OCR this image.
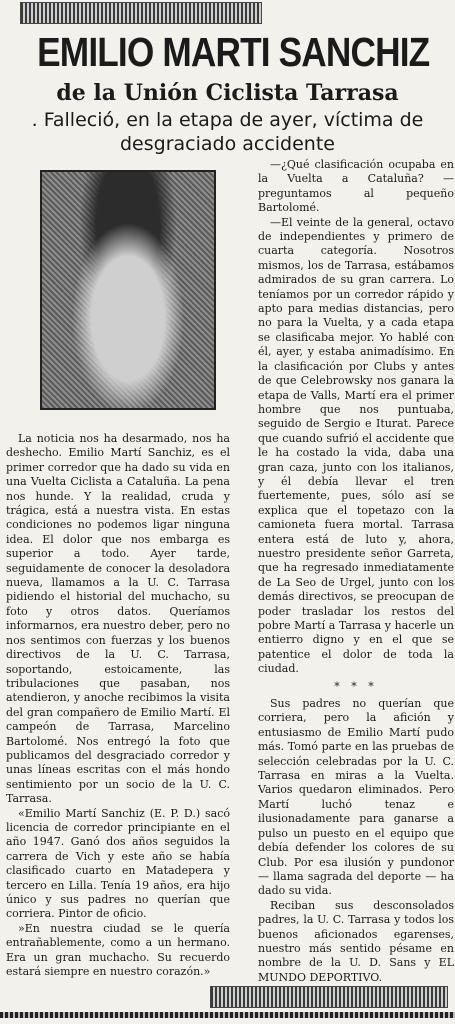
EMILIO MARTI SANCHIZ
de la Unión Ciclista Tarrasa

. Falleció, en la etapa de ayer, víctima de desgraciado accidente

La noticia nos ha desarmado, nos ha deshecho. Emilio Martí Sanchiz, es el primer corredor que ha dado su vida en una Vuelta Ciclista a Cataluña. La pena nos hunde. Y la realidad, cruda y trágica, está a nuestra vista. En estas condiciones no podemos ligar ninguna idea. El dolor que nos embarga es superior a todo. Ayer tarde, seguidamente de conocer la desoladora nueva, llamamos a la U. C. Tarrasa pidiendo el historial del muchacho, su foto y otros datos. Queríamos informarnos, era nuestro deber, pero no nos sentimos con fuerzas y los buenos directivos de la U. C. Tarrasa, soportando, estoicamente, las tribulaciones que pasaban, nos atendieron, y anoche recibimos la visita del gran compañero de Emilio Martí. El campeón de Tarrasa, Marcelino Bartolomé. Nos entregó la foto que publicamos del desgraciado corredor y unas líneas escritas con el más hondo sentimiento por un socio de la U. C. Tarrasa.

«Emilio Martí Sanchiz (E. P. D.) sacó licencia de corredor principiante en el año 1947. Ganó dos años seguidos la carrera de Vich y este año se había clasificado cuarto en Matadepera y tercero en Lilla. Tenía 19 años, era hijo único y sus padres no querían que corriera. Pintor de oficio.

»En nuestra ciudad se le quería entrañablemente, como a un hermano. Era un gran muchacho. Su recuerdo estará siempre en nuestro corazón.»

—¿Qué clasificación ocupaba en la Vuelta a Cataluña? — preguntamos al pequeño Bartolomé.

—El veinte de la general, octavo de independientes y primero de cuarta categoría. Nosotros mismos, los de Tarrasa, estábamos admirados de su gran carrera. Lo teníamos por un corredor rápido y apto para medias distancias, pero no para la Vuelta, y a cada etapa se clasificaba mejor. Yo hablé con él, ayer, y estaba animadísimo. En la clasificación por Clubs y antes de que Celebrowsky nos ganara la etapa de Valls, Martí era el primer hombre que nos puntuaba, seguido de Sergio e Iturat. Parece que cuando sufrió el accidente que le ha costado la vida, daba una gran caza, junto con los italianos, y él debía llevar el tren fuertemente, pues, sólo así se explica que el topetazo con la camioneta fuera mortal. Tarrasa entera está de luto y, ahora, nuestro presidente señor Garreta, que ha regresado inmediatamente de La Seo de Urgel, junto con los demás directivos, se preocupan de poder trasladar los restos del pobre Martí a Tarrasa y hacerle un entierro digno y en el que se patentice el dolor de toda la ciudad.

* * *

Sus padres no querían que corriera, pero la afición y entusiasmo de Emilio Martí pudo más. Tomó parte en las pruebas de selección celebradas por la U. C. Tarrasa en miras a la Vuelta. Varios quedaron eliminados. Pero Martí luchó tenaz e ilusionadamente para ganarse a pulso un puesto en el equipo que debía defender los colores de su Club. Por esa ilusión y pundonor — llama sagrada del deporte — ha dado su vida.

Reciban sus desconsolados padres, la U. C. Tarrasa y todos los buenos aficionados egarenses, nuestro más sentido pésame en nombre de la U. D. Sans y EL MUNDO DEPORTIVO.
